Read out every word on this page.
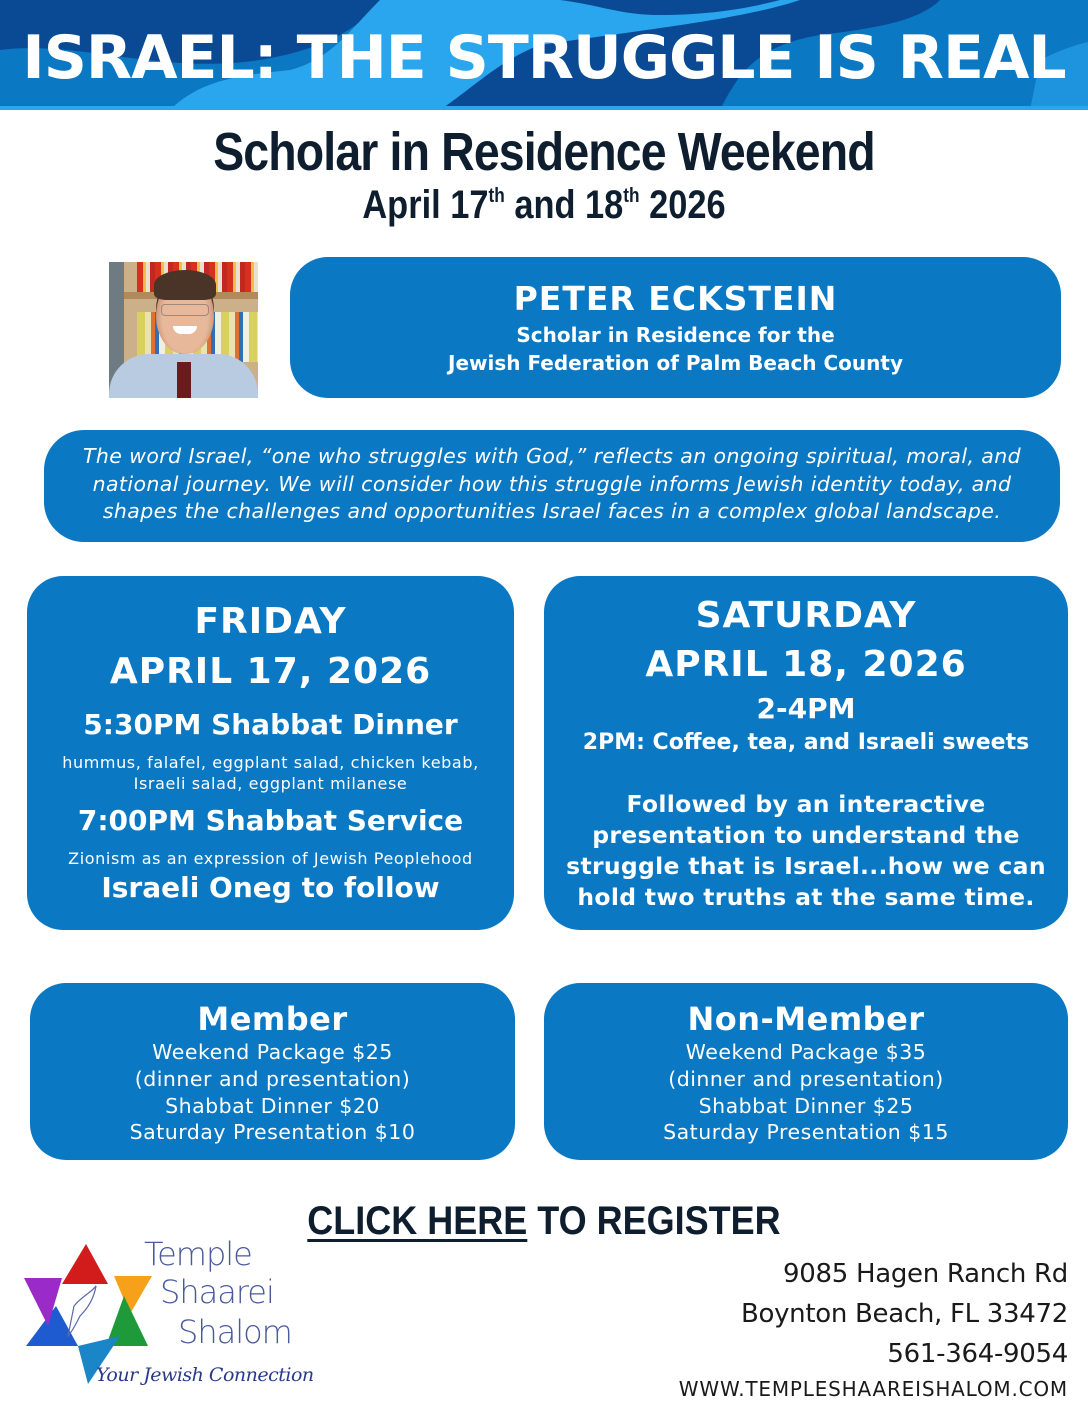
ISRAEL: THE STRUGGLE IS REAL
Scholar in Residence Weekend
April 17th and 18th 2026
PETER ECKSTEIN
Scholar in Residence for the
Jewish Federation of Palm Beach County
The word Israel, “one who struggles with God,” reflects an ongoing spiritual, moral, and
national journey. We will consider how this struggle informs Jewish identity today, and
shapes the challenges and opportunities Israel faces in a complex global landscape.
FRIDAY
APRIL 17, 2026
5:30PM Shabbat Dinner
hummus, falafel, eggplant salad, chicken kebab,
Israeli salad, eggplant milanese
7:00PM Shabbat Service
Zionism as an expression of Jewish Peoplehood
Israeli Oneg to follow
SATURDAY
APRIL 18, 2026
2-4PM
2PM: Coffee, tea, and Israeli sweets
Followed by an interactive
presentation to understand the
struggle that is Israel...how we can
hold two truths at the same time.
Member
Weekend Package $25
(dinner and presentation)
Shabbat Dinner $20
Saturday Presentation $10
Non-Member
Weekend Package $35
(dinner and presentation)
Shabbat Dinner $25
Saturday Presentation $15
CLICK HERE TO REGISTER
Temple
Shaarei
Shalom
Your Jewish Connection
9085 Hagen Ranch Rd
Boynton Beach, FL 33472
561-364-9054
WWW.TEMPLESHAAREISHALOM.COM
